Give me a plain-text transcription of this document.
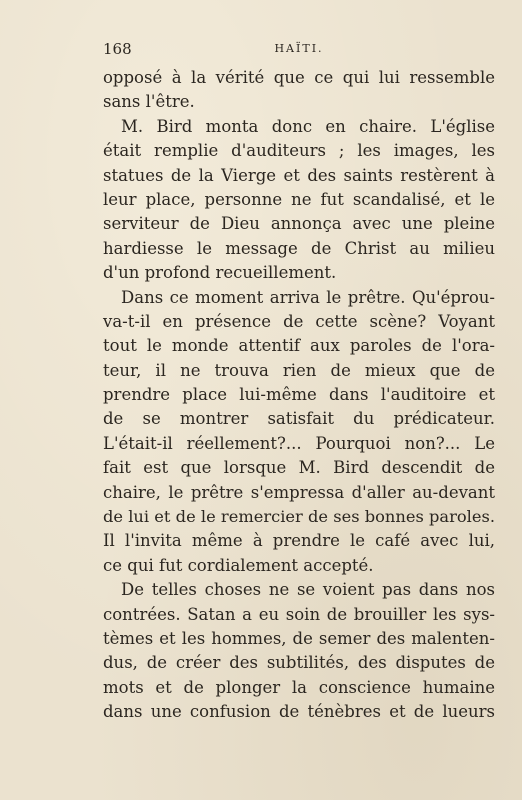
168	HAÏTI.
opposé à la vérité que ce qui lui ressemble
sans l'être.
M. Bird monta donc en chaire. L'église
était remplie d'auditeurs ; les images, les
statues de la Vierge et des saints restèrent à
leur place, personne ne fut scandalisé, et le
serviteur de Dieu annonça avec une pleine
hardiesse le message de Christ au milieu
d'un profond recueillement.
Dans ce moment arriva le prêtre. Qu'éprou-
va-t-il en présence de cette scène? Voyant
tout le monde attentif aux paroles de l'ora-
teur, il ne trouva rien de mieux que de
prendre place lui-même dans l'auditoire et
de se montrer satisfait du prédicateur.
L'était-il réellement?... Pourquoi non?... Le
fait est que lorsque M. Bird descendit de
chaire, le prêtre s'empressa d'aller au-devant
de lui et de le remercier de ses bonnes paroles.
Il l'invita même à prendre le café avec lui,
ce qui fut cordialement accepté.
De telles choses ne se voient pas dans nos
contrées. Satan a eu soin de brouiller les sys-
tèmes et les hommes, de semer des malenten-
dus, de créer des subtilités, des disputes de
mots et de plonger la conscience humaine
dans une confusion de ténèbres et de lueurs
